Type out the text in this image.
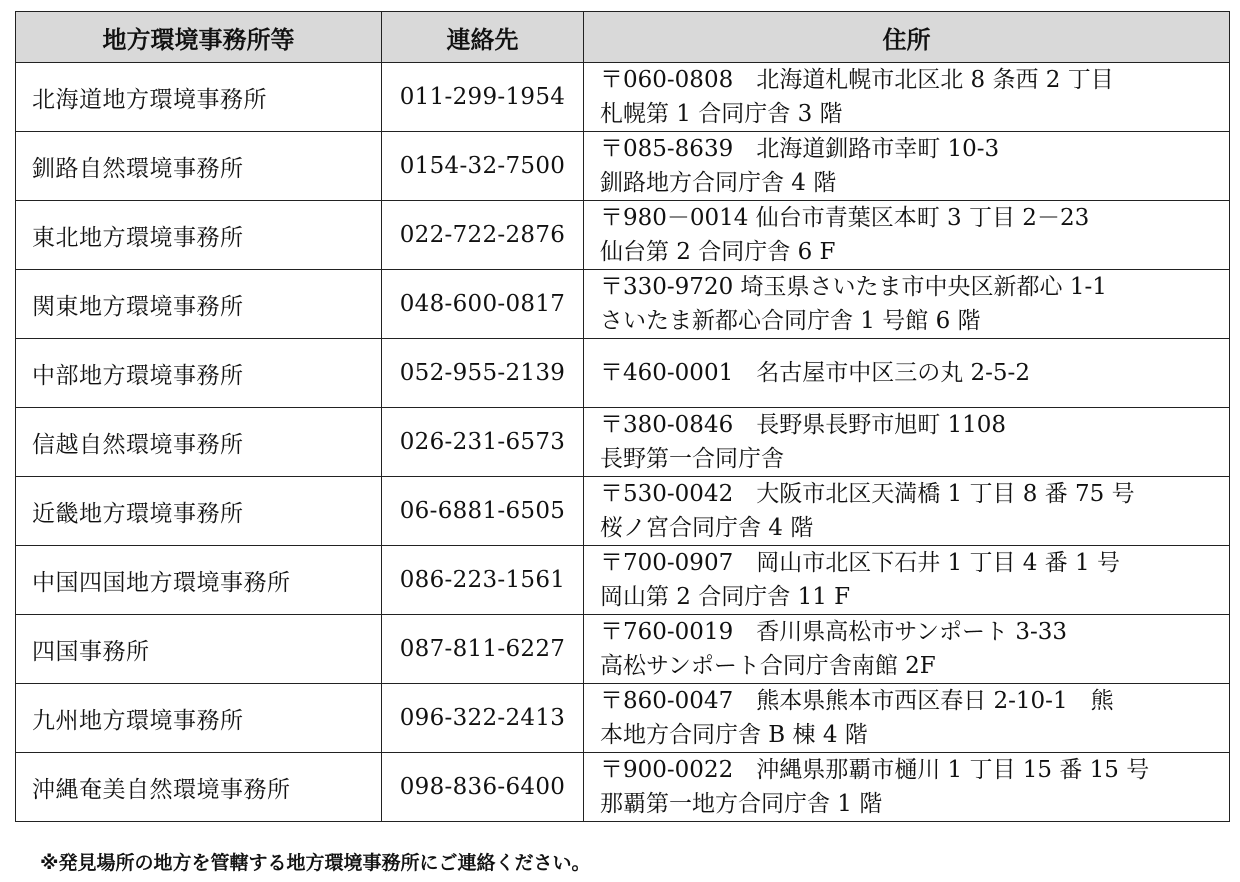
地方環境事務所等	連絡先	住所
北海道地方環境事務所	011-299-1954	〒060-0808　北海道札幌市北区北 8 条西 2 丁目
札幌第 1 合同庁舎 3 階

釧路自然環境事務所	0154-32-7500	〒085-8639　北海道釧路市幸町 10-3
釧路地方合同庁舎 4 階

東北地方環境事務所	022-722-2876	〒980－0014 仙台市青葉区本町 3 丁目 2－23
仙台第 2 合同庁舎 6 F

関東地方環境事務所	048-600-0817	〒330-9720 埼玉県さいたま市中央区新都心 1-1
さいたま新都心合同庁舎 1 号館 6 階

中部地方環境事務所	052-955-2139	〒460-0001　名古屋市中区三の丸 2-5-2

信越自然環境事務所	026-231-6573	〒380-0846　長野県長野市旭町 1108
長野第一合同庁舎

近畿地方環境事務所	06-6881-6505	〒530-0042　大阪市北区天満橋 1 丁目 8 番 75 号
桜ノ宮合同庁舎 4 階

中国四国地方環境事務所	086-223-1561	〒700-0907　岡山市北区下石井 1 丁目 4 番 1 号
岡山第 2 合同庁舎 11 F

四国事務所	087-811-6227	〒760-0019　香川県高松市サンポート 3-33
高松サンポート合同庁舎南館 2F

九州地方環境事務所	096-322-2413	〒860-0047　熊本県熊本市西区春日 2-10-1　熊
本地方合同庁舎 B 棟 4 階

沖縄奄美自然環境事務所	098-836-6400	〒900-0022　沖縄県那覇市樋川 1 丁目 15 番 15 号
那覇第一地方合同庁舎 1 階
※発見場所の地方を管轄する地方環境事務所にご連絡ください。
